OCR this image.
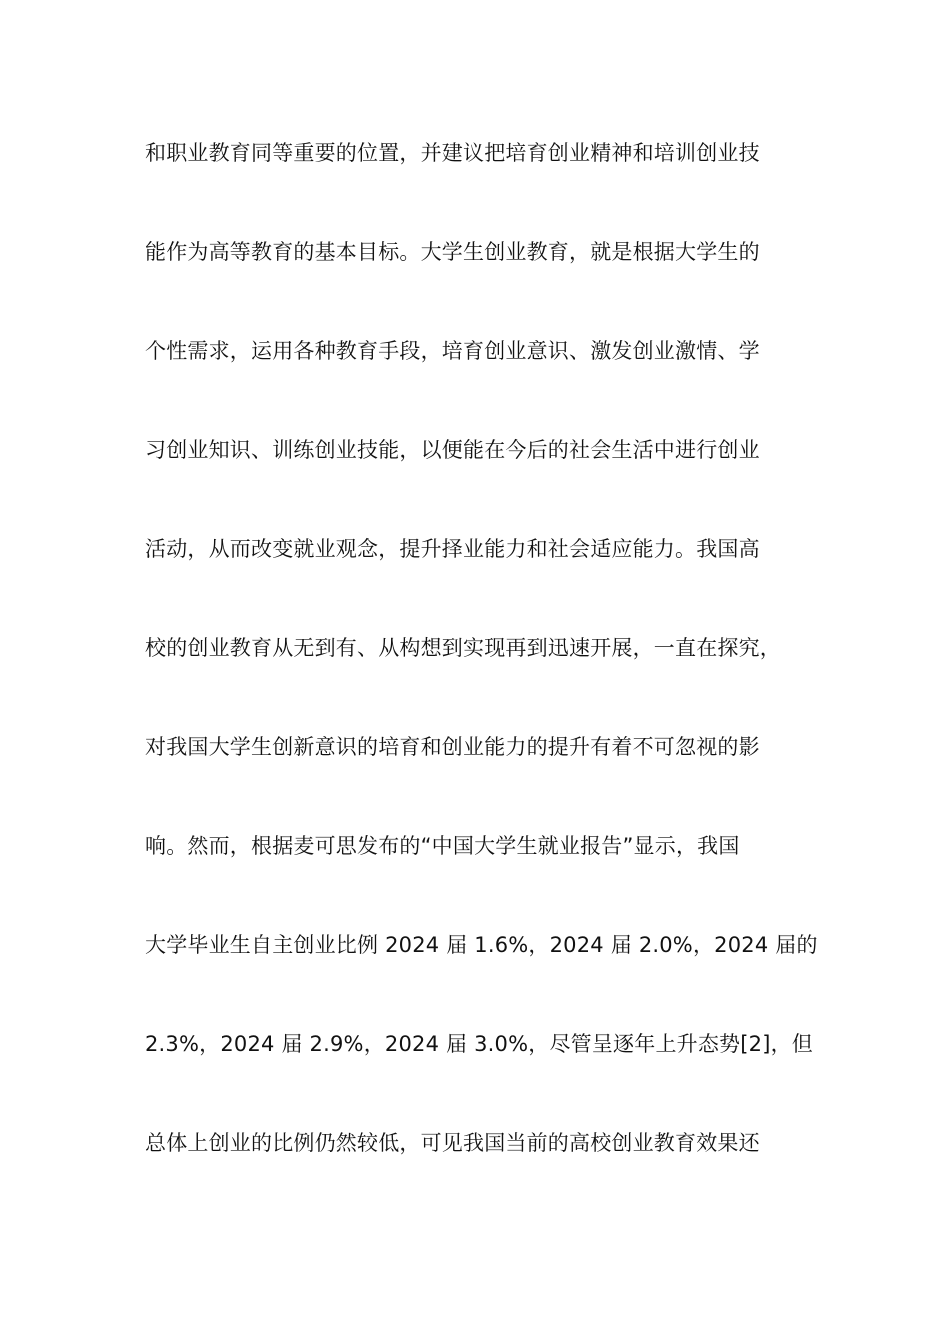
和职业教育同等重要的位置，并建议把培育创业精神和培训创业技
能作为高等教育的基本目标。大学生创业教育，就是根据大学生的
个性需求，运用各种教育手段，培育创业意识、激发创业激情、学
习创业知识、训练创业技能，以便能在今后的社会生活中进行创业
活动，从而改变就业观念，提升择业能力和社会适应能力。我国高
校的创业教育从无到有、从构想到实现再到迅速开展，一直在探究，
对我国大学生创新意识的培育和创业能力的提升有着不可忽视的影
响。然而，根据麦可思发布的“中国大学生就业报告”显示，我国
大学毕业生自主创业比例 2024 届 1.6%，2024 届 2.0%，2024 届的
2.3%，2024 届 2.9%，2024 届 3.0%，尽管呈逐年上升态势[2]，但
总体上创业的比例仍然较低，可见我国当前的高校创业教育效果还
